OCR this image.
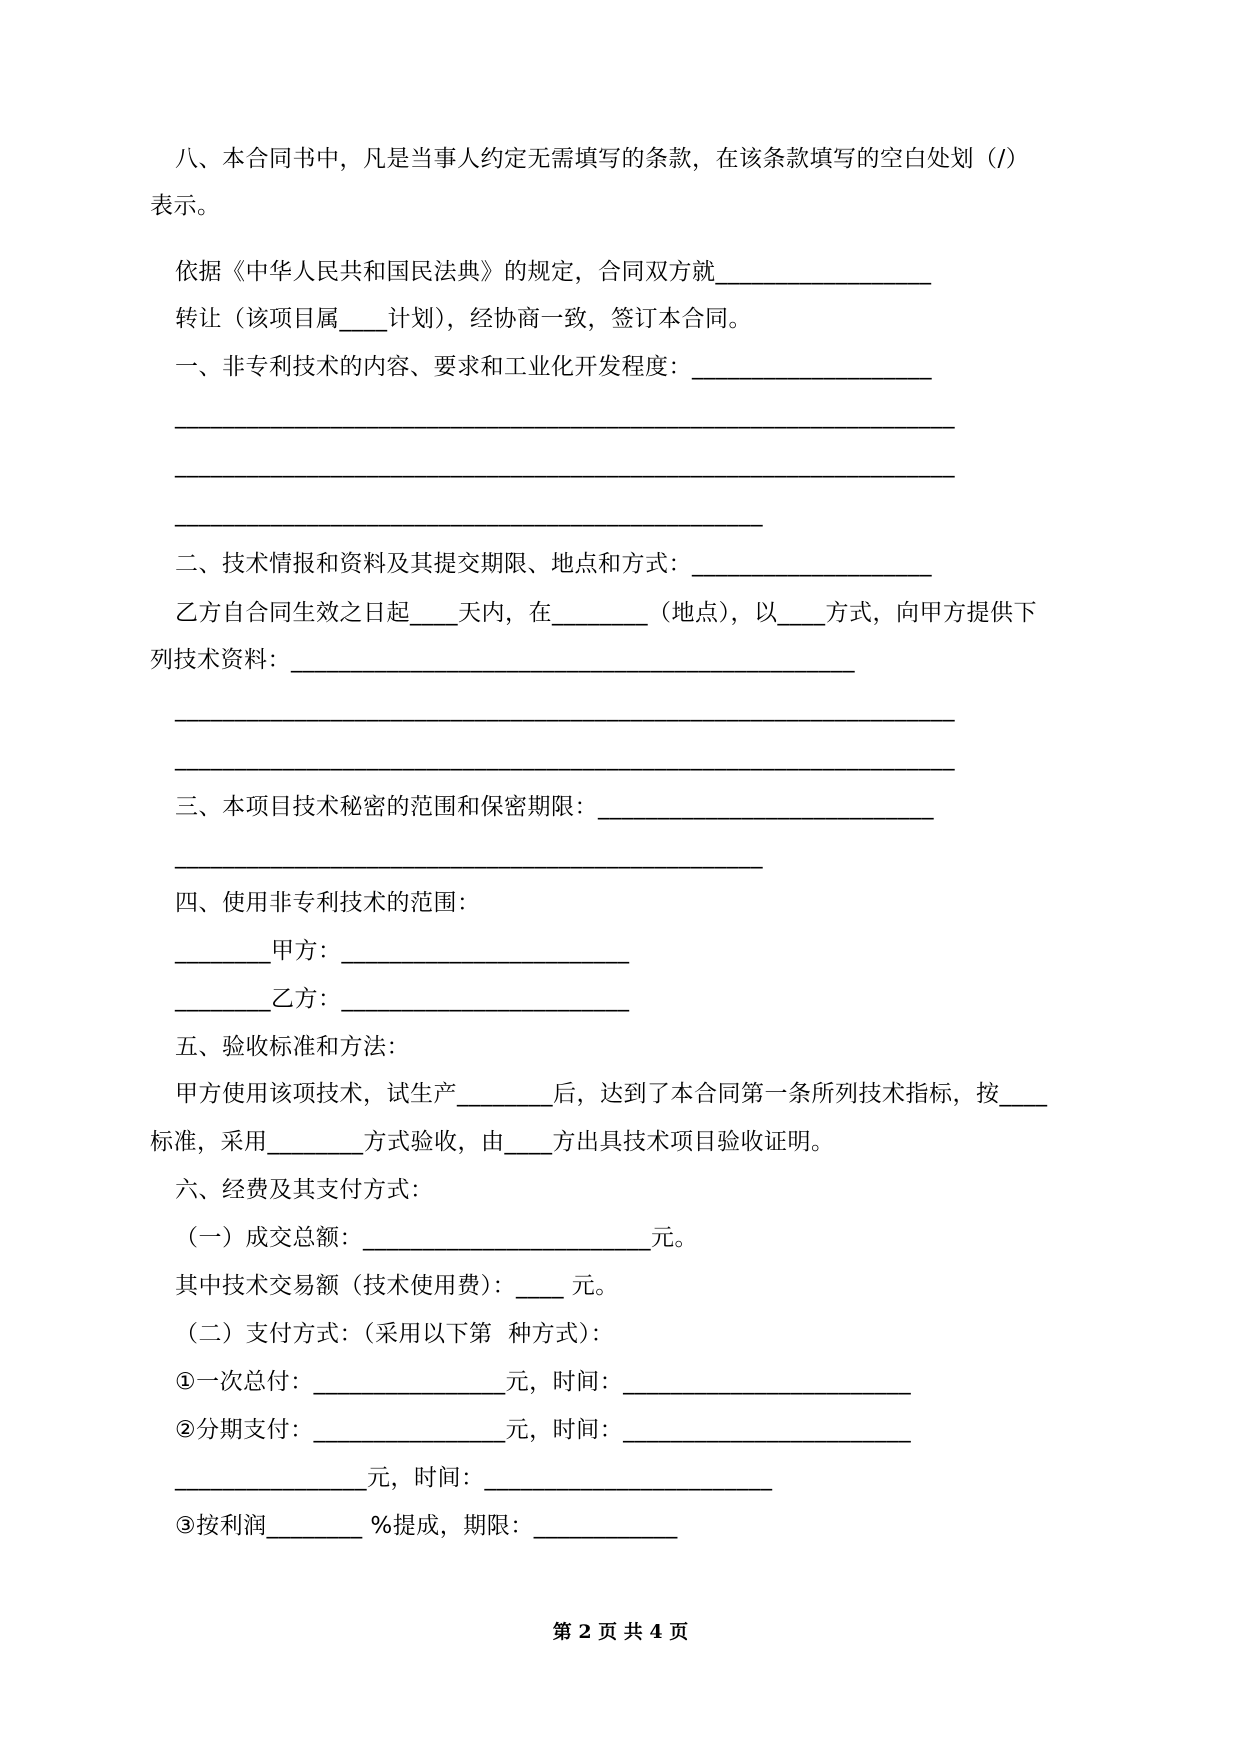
八、本合同书中，凡是当事人约定无需填写的条款，在该条款填写的空白处划（/）
表示。
依据《中华人民共和国民法典》的规定，合同双方就__________________
转让（该项目属____计划），经协商一致，签订本合同。
一、非专利技术的内容、要求和工业化开发程度：____________________
_________________________________________________________________
_________________________________________________________________
_________________________________________________
二、技术情报和资料及其提交期限、地点和方式：____________________
乙方自合同生效之日起____天内，在________（地点），以____方式，向甲方提供下
列技术资料：_______________________________________________
_________________________________________________________________
_________________________________________________________________
三、本项目技术秘密的范围和保密期限：____________________________
_________________________________________________
四、使用非专利技术的范围：
________甲方：________________________
________乙方：________________________
五、验收标准和方法：
甲方使用该项技术，试生产________后，达到了本合同第一条所列技术指标，按____
标准，采用________方式验收，由____方出具技术项目验收证明。
六、经费及其支付方式：
（一）成交总额：________________________元。
其中技术交易额（技术使用费）：____ 元。
（二）支付方式：（采用以下第  种方式）：
①一次总付：________________元，时间：________________________
②分期支付：________________元，时间：________________________
________________元，时间：________________________
③按利润________ %提成，期限：____________
第 2 页 共 4 页
